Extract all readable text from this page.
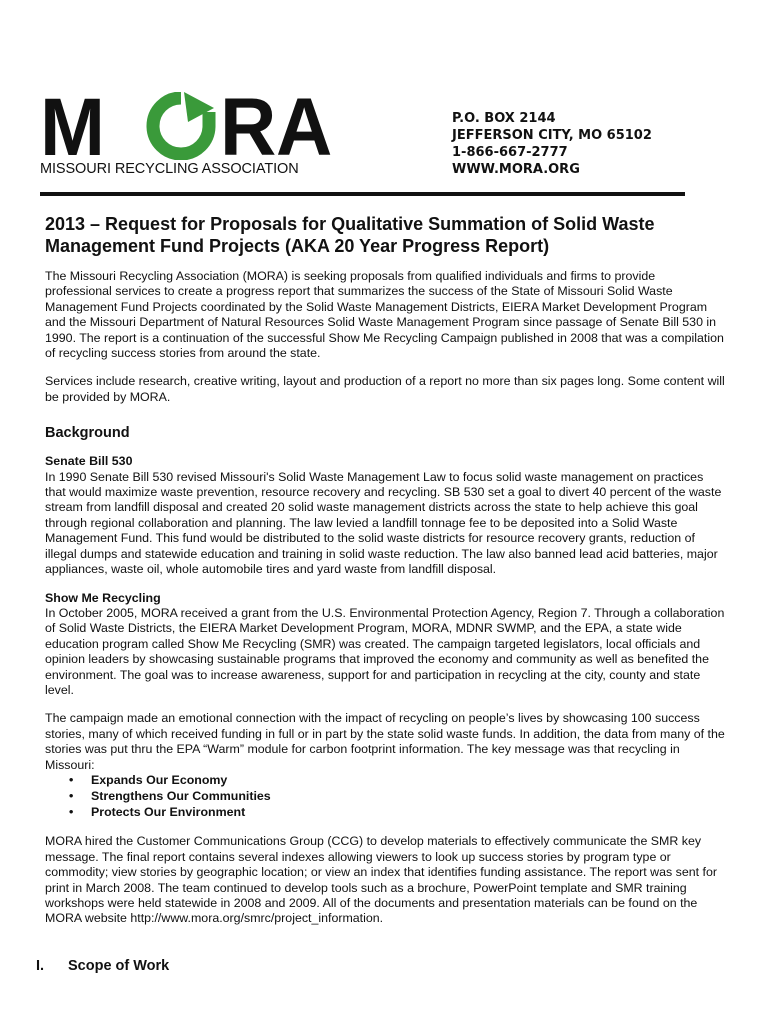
M R A
MISSOURI RECYCLING ASSOCIATION
P.O. BOX 2144
JEFFERSON CITY, MO 65102
1-866-667-2777
WWW.MORA.ORG
2013 – Request for Proposals for Qualitative Summation of Solid Waste
Management Fund Projects (AKA 20 Year Progress Report)

The Missouri Recycling Association (MORA) is seeking proposals from qualified individuals and firms to provide professional services to create a progress report that summarizes the success of the State of Missouri Solid Waste Management Fund Projects coordinated by the Solid Waste Management Districts, EIERA Market Development Program and the Missouri Department of Natural Resources Solid Waste Management Program since passage of Senate Bill 530 in 1990. The report is a continuation of the successful Show Me Recycling Campaign published in 2008 that was a compilation of recycling success stories from around the state.

Services include research, creative writing, layout and production of a report no more than six pages long. Some content will be provided by MORA.

Background

Senate Bill 530
In 1990 Senate Bill 530 revised Missouri's Solid Waste Management Law to focus solid waste management on practices that would maximize waste prevention, resource recovery and recycling. SB 530 set a goal to divert 40 percent of the waste stream from landfill disposal and created 20 solid waste management districts across the state to help achieve this goal through regional collaboration and planning. The law levied a landfill tonnage fee to be deposited into a Solid Waste Management Fund. This fund would be distributed to the solid waste districts for resource recovery grants, reduction of illegal dumps and statewide education and training in solid waste reduction. The law also banned lead acid batteries, major appliances, waste oil, whole automobile tires and yard waste from landfill disposal.

Show Me Recycling
In October 2005, MORA received a grant from the U.S. Environmental Protection Agency, Region 7. Through a collaboration of Solid Waste Districts, the EIERA Market Development Program, MORA, MDNR SWMP, and the EPA, a state wide education program called Show Me Recycling (SMR) was created. The campaign targeted legislators, local officials and opinion leaders by showcasing sustainable programs that improved the economy and community as well as benefited the environment. The goal was to increase awareness, support for and participation in recycling at the city, county and state level.

The campaign made an emotional connection with the impact of recycling on people’s lives by showcasing 100 success stories, many of which received funding in full or in part by the state solid waste funds. In addition, the data from many of the stories was put thru the EPA “Warm” module for carbon footprint information. The key message was that recycling in Missouri:

• Expands Our Economy
• Strengthens Our Communities
• Protects Our Environment

MORA hired the Customer Communications Group (CCG) to develop materials to effectively communicate the SMR key message. The final report contains several indexes allowing viewers to look up success stories by program type or commodity; view stories by geographic location; or view an index that identifies funding assistance. The report was sent for print in March 2008. The team continued to develop tools such as a brochure, PowerPoint template and SMR training workshops were held statewide in 2008 and 2009. All of the documents and presentation materials can be found on the MORA website http://www.mora.org/smrc/project_information.

I. Scope of Work
